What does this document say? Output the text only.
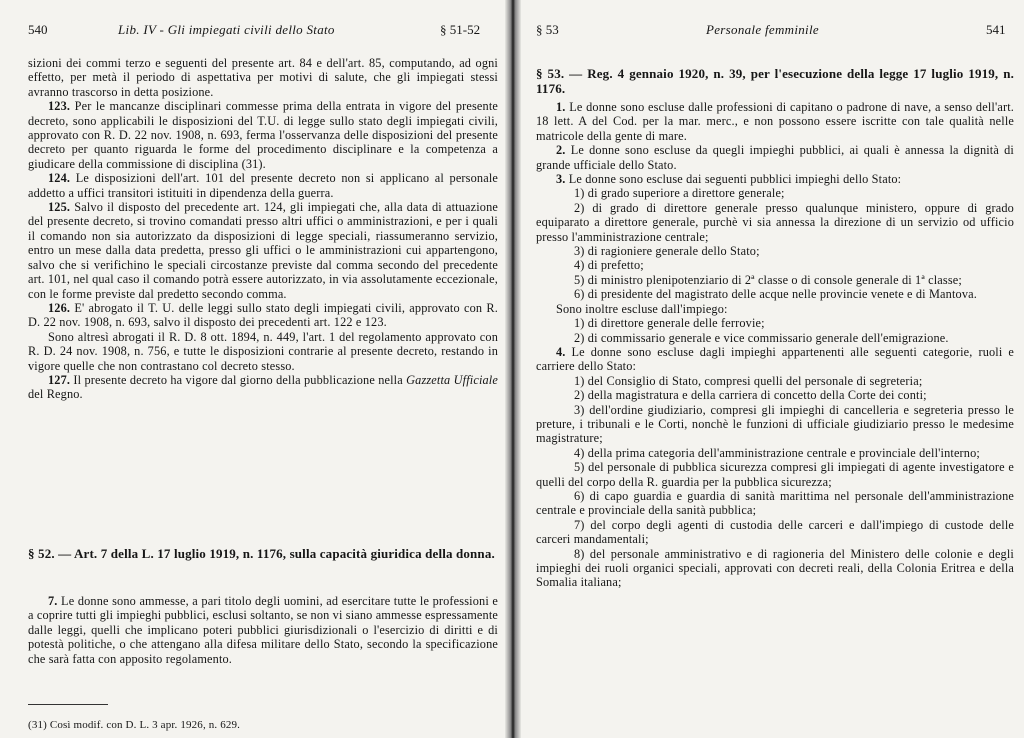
540	Lib. IV - Gli impiegati civili dello Stato	§ 51-52

sizioni dei commi terzo e seguenti del presente art. 84 e dell'art. 85, computando, ad ogni effetto, per metà il periodo di aspettativa per motivi di salute, che gli impiegati stessi avranno trascorso in detta posizione.

123. Per le mancanze disciplinari commesse prima della entrata in vigore del presente decreto, sono applicabili le disposizioni del T.U. di legge sullo stato degli impiegati civili, approvato con R. D. 22 nov. 1908, n. 693, ferma l'osservanza delle disposizioni del presente decreto per quanto riguarda le forme del procedimento disciplinare e la competenza a giudicare della commissione di disciplina (31).

124. Le disposizioni dell'art. 101 del presente decreto non si applicano al personale addetto a uffici transitori istituiti in dipendenza della guerra.

125. Salvo il disposto del precedente art. 124, gli impiegati che, alla data di attuazione del presente decreto, si trovino comandati presso altri uffici o amministrazioni, e per i quali il comando non sia autorizzato da disposizioni di legge speciali, riassumeranno servizio, entro un mese dalla data predetta, presso gli uffici o le amministrazioni cui appartengono, salvo che si verifichino le speciali circostanze previste dal comma secondo del precedente art. 101, nel qual caso il comando potrà essere autorizzato, in via assolutamente eccezionale, con le forme previste dal predetto secondo comma.

126. E' abrogato il T. U. delle leggi sullo stato degli impiegati civili, approvato con R. D. 22 nov. 1908, n. 693, salvo il disposto dei precedenti art. 122 e 123.

Sono altresì abrogati il R. D. 8 ott. 1894, n. 449, l'art. 1 del regolamento approvato con R. D. 24 nov. 1908, n. 756, e tutte le disposizioni contrarie al presente decreto, restando in vigore quelle che non contrastano col decreto stesso.

127. Il presente decreto ha vigore dal giorno della pubblicazione nella Gazzetta Ufficiale del Regno.

§ 52. — Art. 7 della L. 17 luglio 1919, n. 1176, sulla capacità giuridica della donna.

7. Le donne sono ammesse, a pari titolo degli uomini, ad esercitare tutte le professioni e a coprire tutti gli impieghi pubblici, esclusi soltanto, se non vi siano ammesse espressamente dalle leggi, quelli che implicano poteri pubblici giurisdizionali o l'esercizio di diritti e di potestà politiche, o che attengano alla difesa militare dello Stato, secondo la specificazione che sarà fatta con apposito regolamento.

(31) Così modif. con D. L. 3 apr. 1926, n. 629.
§ 53	Personale femminile	541
§ 53. — Reg. 4 gennaio 1920, n. 39, per l'esecuzione della legge 17 luglio 1919, n. 1176.

1. Le donne sono escluse dalle professioni di capitano o padrone di nave, a senso dell'art. 18 lett. A del Cod. per la mar. merc., e non possono essere iscritte con tale qualità nelle matricole della gente di mare.

2. Le donne sono escluse da quegli impieghi pubblici, ai quali è annessa la dignità di grande ufficiale dello Stato.

3. Le donne sono escluse dai seguenti pubblici impieghi dello Stato:

1) di grado superiore a direttore generale;

2) di grado di direttore generale presso qualunque ministero, oppure di grado equiparato a direttore generale, purchè vi sia annessa la direzione di un servizio od ufficio presso l'amministrazione centrale;

3) di ragioniere generale dello Stato;

4) di prefetto;

5) di ministro plenipotenziario di 2ª classe o di console generale di 1ª classe;

6) di presidente del magistrato delle acque nelle provincie venete e di Mantova.

Sono inoltre escluse dall'impiego:

1) di direttore generale delle ferrovie;

2) di commissario generale e vice commissario generale dell'emigrazione.

4. Le donne sono escluse dagli impieghi appartenenti alle seguenti categorie, ruoli e carriere dello Stato:

1) del Consiglio di Stato, compresi quelli del personale di segreteria;

2) della magistratura e della carriera di concetto della Corte dei conti;

3) dell'ordine giudiziario, compresi gli impieghi di cancelleria e segreteria presso le preture, i tribunali e le Corti, nonchè le funzioni di ufficiale giudiziario presso le medesime magistrature;

4) della prima categoria dell'amministrazione centrale e provinciale dell'interno;

5) del personale di pubblica sicurezza compresi gli impiegati di agente investigatore e quelli del corpo della R. guardia per la pubblica sicurezza;

6) di capo guardia e guardia di sanità marittima nel personale dell'amministrazione centrale e provinciale della sanità pubblica;

7) del corpo degli agenti di custodia delle carceri e dall'impiego di custode delle carceri mandamentali;

8) del personale amministrativo e di ragioneria del Ministero delle colonie e degli impieghi dei ruoli organici speciali, approvati con decreti reali, della Colonia Eritrea e della Somalia italiana;
